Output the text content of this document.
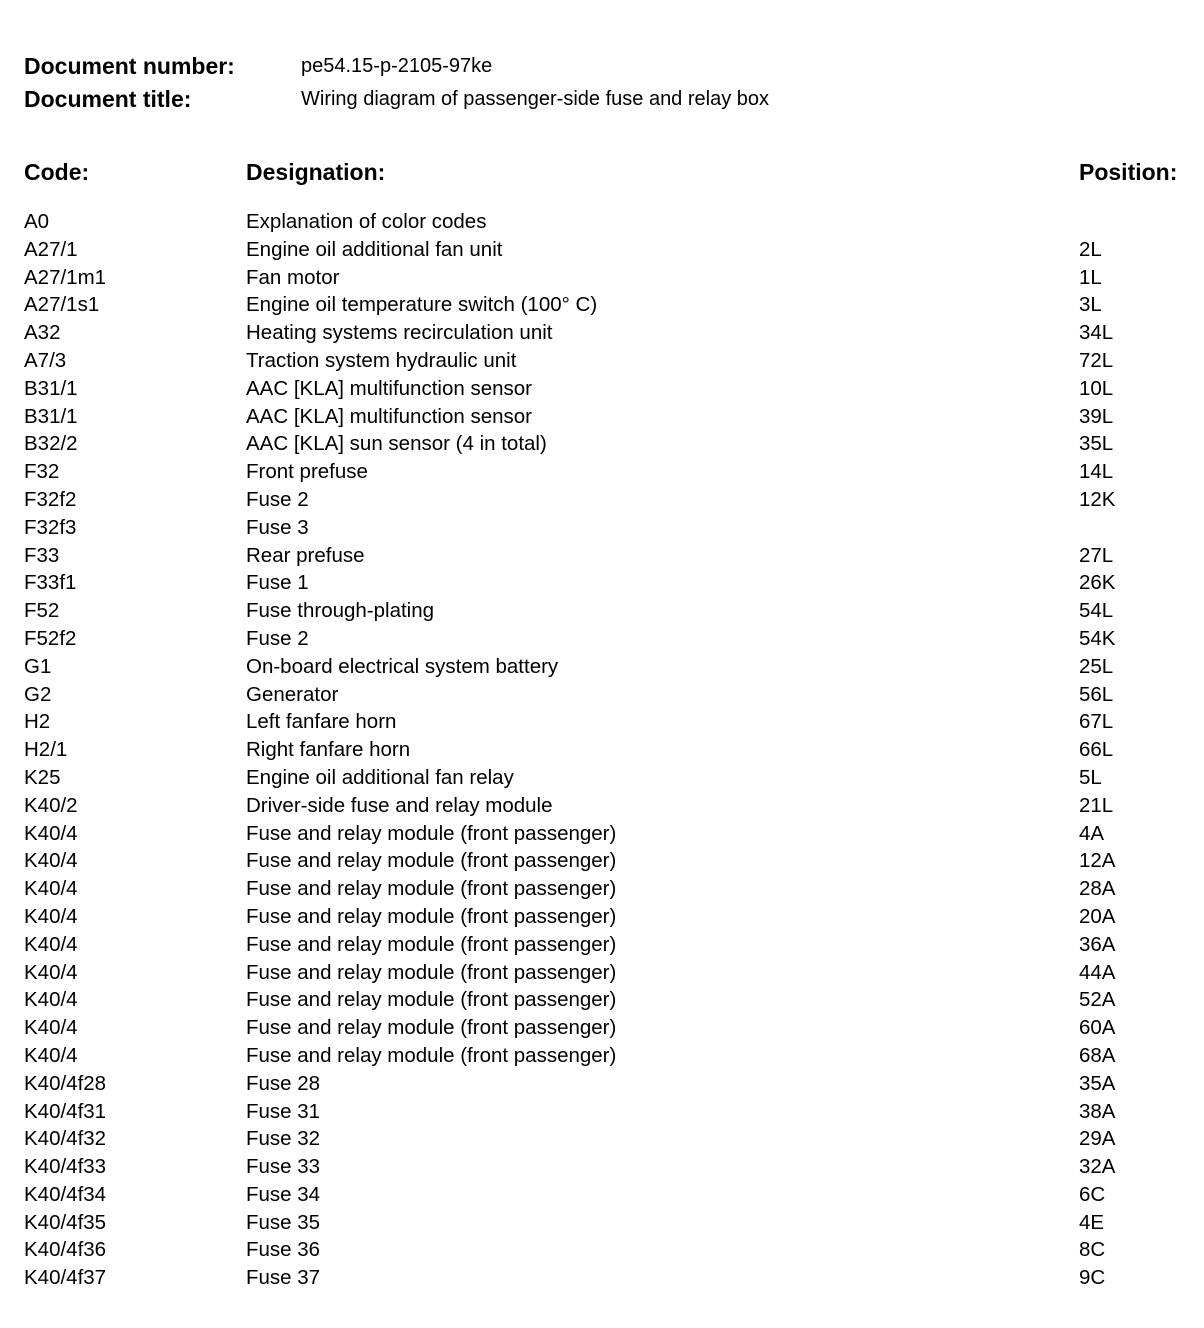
Document number:	pe54.15-p-2105-97ke
Document title:	Wiring diagram of passenger-side fuse and relay box
Code:	Designation:	Position:
A0	Explanation of color codes
A27/1	Engine oil additional fan unit	2L
A27/1m1	Fan motor	1L
A27/1s1	Engine oil temperature switch (100° C)	3L
A32	Heating systems recirculation unit	34L
A7/3	Traction system hydraulic unit	72L
B31/1	AAC [KLA] multifunction sensor	10L
B31/1	AAC [KLA] multifunction sensor	39L
B32/2	AAC [KLA] sun sensor (4 in total)	35L
F32	Front prefuse	14L
F32f2	Fuse 2	12K
F32f3	Fuse 3
F33	Rear prefuse	27L
F33f1	Fuse 1	26K
F52	Fuse through-plating	54L
F52f2	Fuse 2	54K
G1	On-board electrical system battery	25L
G2	Generator	56L
H2	Left fanfare horn	67L
H2/1	Right fanfare horn	66L
K25	Engine oil additional fan relay	5L
K40/2	Driver-side fuse and relay module	21L
K40/4	Fuse and relay module (front passenger)	4A
K40/4	Fuse and relay module (front passenger)	12A
K40/4	Fuse and relay module (front passenger)	28A
K40/4	Fuse and relay module (front passenger)	20A
K40/4	Fuse and relay module (front passenger)	36A
K40/4	Fuse and relay module (front passenger)	44A
K40/4	Fuse and relay module (front passenger)	52A
K40/4	Fuse and relay module (front passenger)	60A
K40/4	Fuse and relay module (front passenger)	68A
K40/4f28	Fuse 28	35A
K40/4f31	Fuse 31	38A
K40/4f32	Fuse 32	29A
K40/4f33	Fuse 33	32A
K40/4f34	Fuse 34	6C
K40/4f35	Fuse 35	4E
K40/4f36	Fuse 36	8C
K40/4f37	Fuse 37	9C
